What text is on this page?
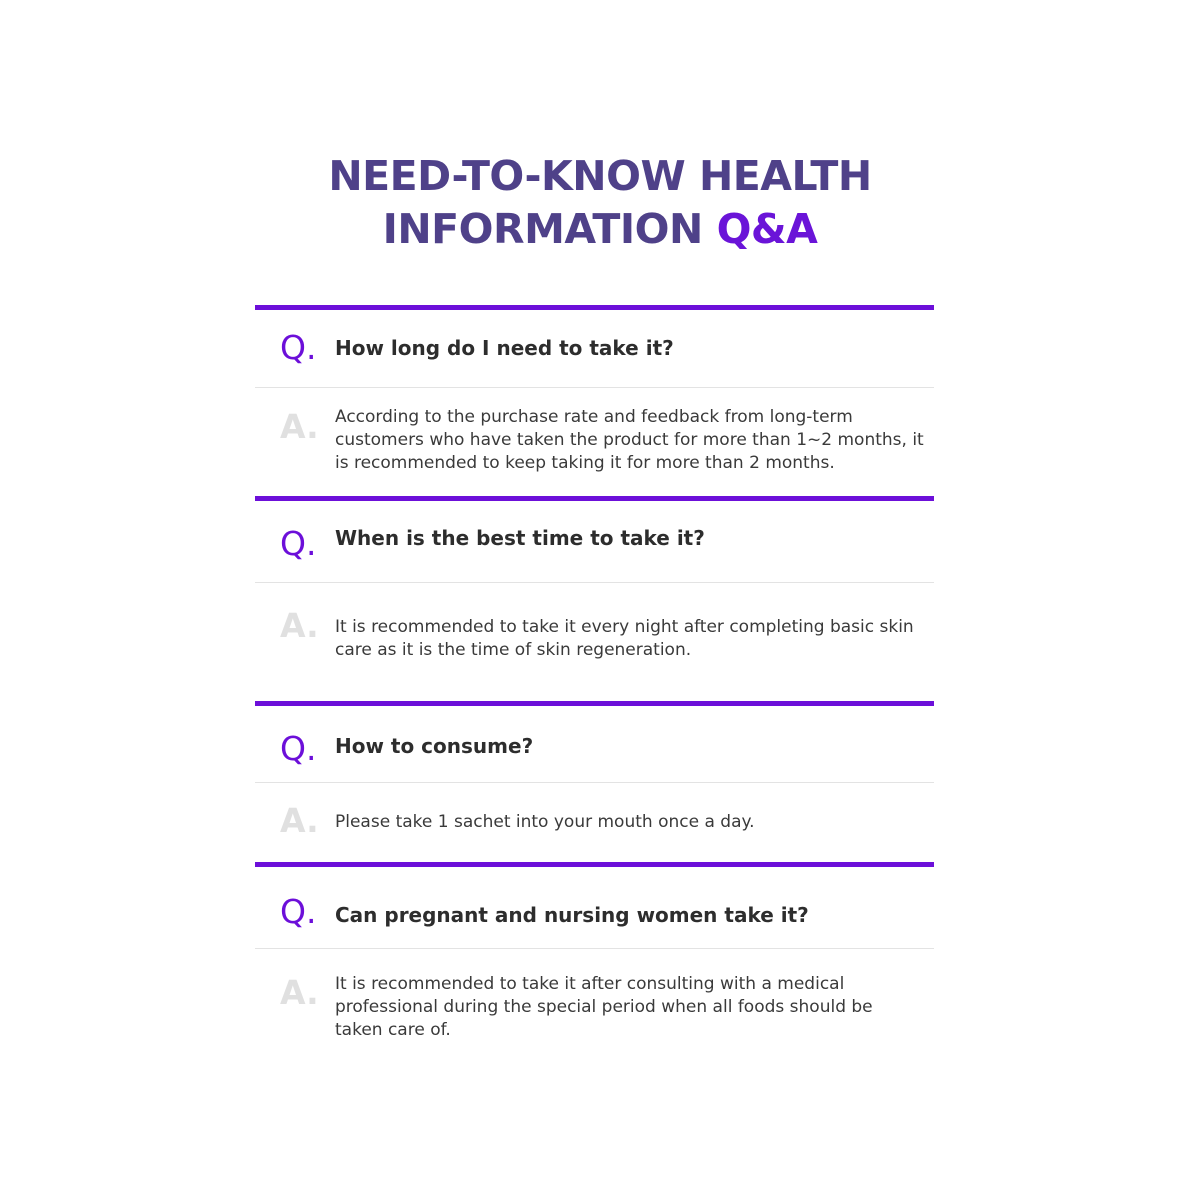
NEED-TO-KNOW HEALTH
INFORMATION Q&A
Q. How long do I need to take it?
A. According to the purchase rate and feedback from long-term customers who have taken the product for more than 1~2 months, it is recommended to keep taking it for more than 2 months.
Q. When is the best time to take it?
A. It is recommended to take it every night after completing basic skin care as it is the time of skin regeneration.
Q. How to consume?
A. Please take 1 sachet into your mouth once a day.
Q. Can pregnant and nursing women take it?
A. It is recommended to take it after consulting with a medical professional during the special period when all foods should be taken care of.
